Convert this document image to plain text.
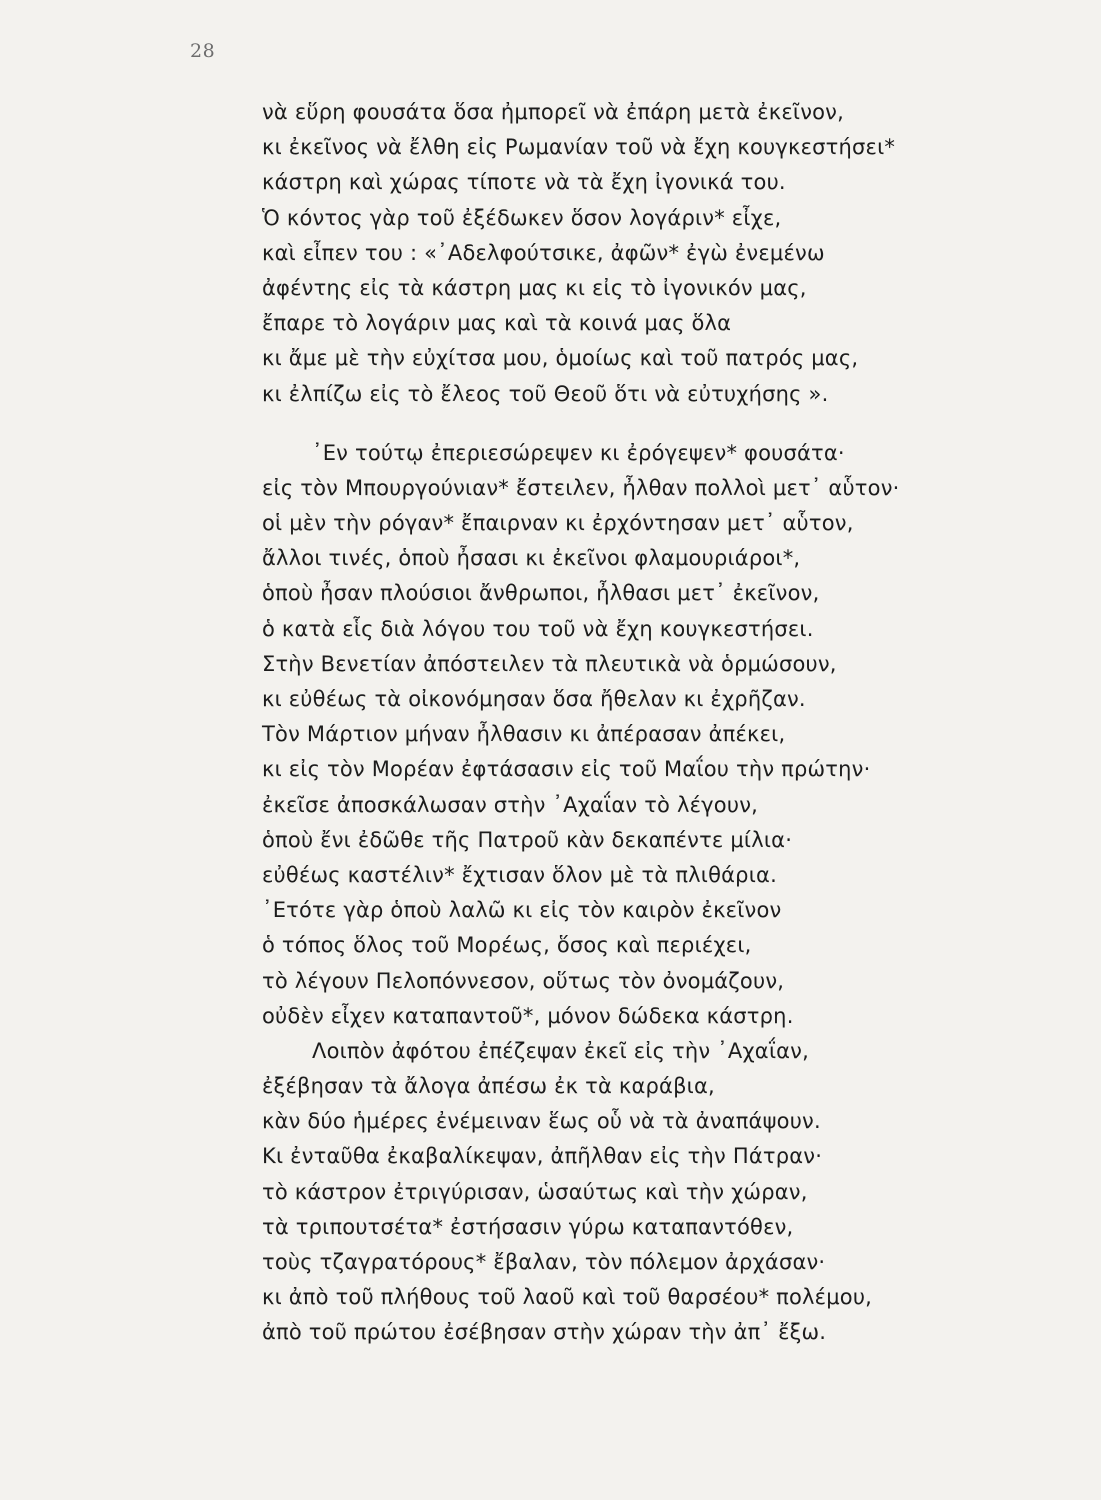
28
νὰ εὕρη φουσάτα ὅσα ἠμπορεῖ νὰ ἐπάρη μετὰ ἐκεῖνον,
κι ἐκεῖνος νὰ ἔλθη εἰς Ρωμανίαν τοῦ νὰ ἔχη κουγκεστήσει*
κάστρη καὶ χώρας τίποτε νὰ τὰ ἔχη ἰγονικά του.
Ὁ κόντος γὰρ τοῦ ἐξέδωκεν ὅσον λογάριν* εἶχε,
καὶ εἶπεν του : «᾿Αδελφούτσικε, ἀφῶν* ἐγὼ ἐνεμένω
ἀφέντης εἰς τὰ κάστρη μας κι εἰς τὸ ἰγονικόν μας,
ἔπαρε τὸ λογάριν μας καὶ τὰ κοινά μας ὅλα
κι ἄμε μὲ τὴν εὐχίτσα μου, ὁμοίως καὶ τοῦ πατρός μας,
κι ἐλπίζω εἰς τὸ ἔλεος τοῦ Θεοῦ ὅτι νὰ εὐτυχήσης ».
᾿Εν τούτῳ ἐπεριεσώρεψεν κι ἐρόγεψεν* φουσάτα·
εἰς τὸν Μπουργούνιαν* ἔστειλεν, ἦλθαν πολλοὶ μετ᾿ αὗτον·
οἱ μὲν τὴν ρόγαν* ἔπαιρναν κι ἐρχόντησαν μετ᾿ αὗτον,
ἄλλοι τινές, ὁποὺ ἦσασι κι ἐκεῖνοι φλαμουριάροι*,
ὁποὺ ἦσαν πλούσιοι ἄνθρωποι, ἦλθασι μετ᾿ ἐκεῖνον,
ὁ κατὰ εἷς διὰ λόγου του τοῦ νὰ ἔχη κουγκεστήσει.
Στὴν Βενετίαν ἀπόστειλεν τὰ πλευτικὰ νὰ ὁρμώσουν,
κι εὐθέως τὰ οἰκονόμησαν ὅσα ἤθελαν κι ἐχρῆζαν.
Τὸν Μάρτιον μήναν ἦλθασιν κι ἀπέρασαν ἀπέκει,
κι εἰς τὸν Μορέαν ἐφτάσασιν εἰς τοῦ Μαΐου τὴν πρώτην·
ἐκεῖσε ἀποσκάλωσαν στὴν ᾿Αχαΐαν τὸ λέγουν,
ὁποὺ ἔνι ἐδῶθε τῆς Πατροῦ κὰν δεκαπέντε μίλια·
εὐθέως καστέλιν* ἔχτισαν ὅλον μὲ τὰ πλιθάρια.
᾿Ετότε γὰρ ὁποὺ λαλῶ κι εἰς τὸν καιρὸν ἐκεῖνον
ὁ τόπος ὅλος τοῦ Μορέως, ὅσος καὶ περιέχει,
τὸ λέγουν Πελοπόννεσον, οὕτως τὸν ὀνομάζουν,
οὐδὲν εἶχεν καταπαντοῦ*, μόνον δώδεκα κάστρη.
Λοιπὸν ἀφότου ἐπέζεψαν ἐκεῖ εἰς τὴν ᾿Αχαΐαν,
ἐξέβησαν τὰ ἄλογα ἀπέσω ἐκ τὰ καράβια,
κὰν δύο ἡμέρες ἐνέμειναν ἕως οὗ νὰ τὰ ἀναπάψουν.
Κι ἐνταῦθα ἐκαβαλίκεψαν, ἀπῆλθαν εἰς τὴν Πάτραν·
τὸ κάστρον ἐτριγύρισαν, ὡσαύτως καὶ τὴν χώραν,
τὰ τριπουτσέτα* ἐστήσασιν γύρω καταπαντόθεν,
τοὺς τζαγρατόρους* ἔβαλαν, τὸν πόλεμον ἀρχάσαν·
κι ἀπὸ τοῦ πλήθους τοῦ λαοῦ καὶ τοῦ θαρσέου* πολέμου,
ἀπὸ τοῦ πρώτου ἐσέβησαν στὴν χώραν τὴν ἀπ᾿ ἔξω.
